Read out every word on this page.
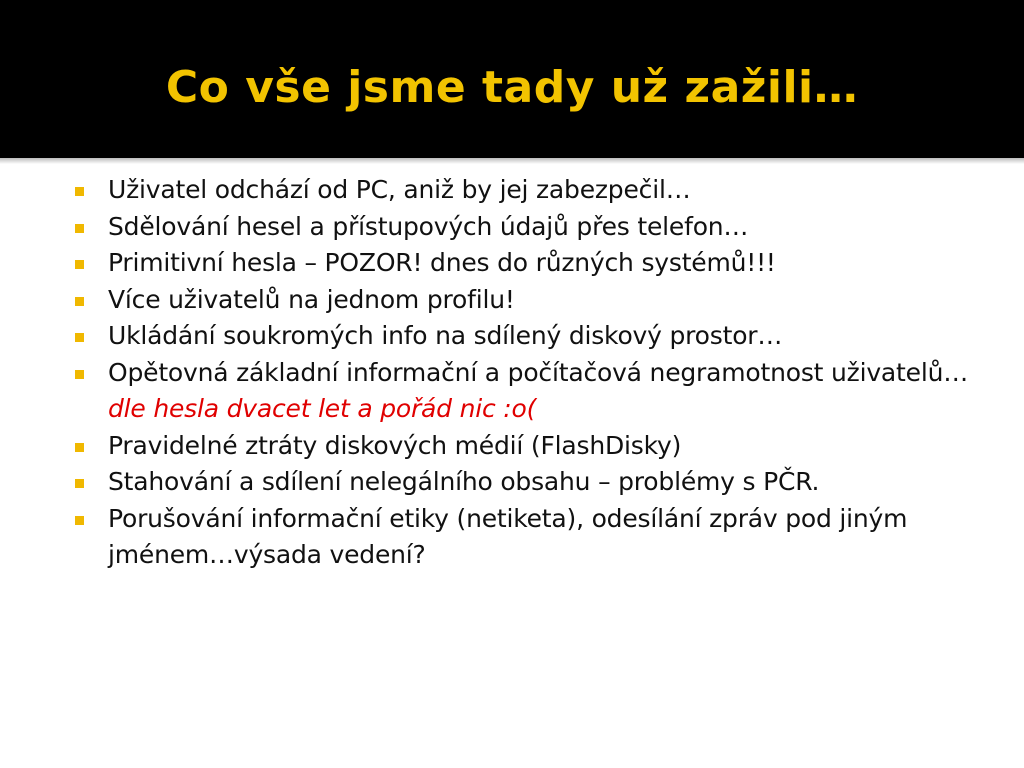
Co vše jsme tady už zažili…
Uživatel odchází od PC, aniž by jej zabezpečil…
Sdělování hesel a přístupových údajů přes telefon…
Primitivní hesla – POZOR! dnes do různých systémů!!!
Více uživatelů na jednom profilu!
Ukládání soukromých info na sdílený diskový prostor…
Opětovná základní informační a počítačová negramotnost uživatelů…dle hesla dvacet let a pořád nic :o(
Pravidelné ztráty diskových médií (FlashDisky)
Stahování a sdílení nelegálního obsahu – problémy s PČR.
Porušování informační etiky (netiketa), odesílání zpráv pod jiným jménem…výsada vedení?
